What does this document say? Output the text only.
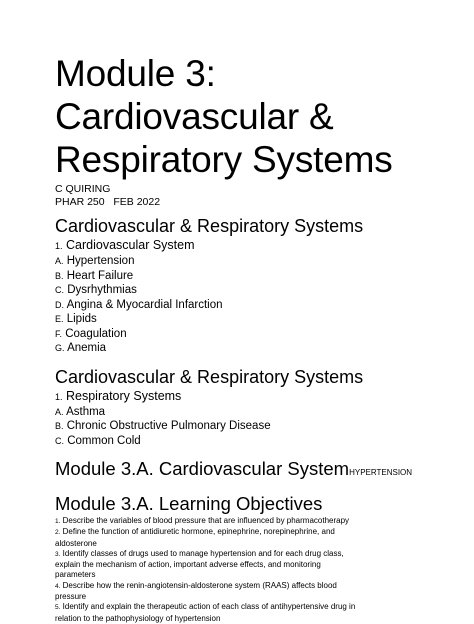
Module 3:
Cardiovascular &
Respiratory Systems
C QUIRING
PHAR 250   FEB 2022
Cardiovascular & Respiratory Systems
1. Cardiovascular System
A. Hypertension
B. Heart Failure
C. Dysrhythmias
D. Angina & Myocardial Infarction
E. Lipids
F. Coagulation
G. Anemia
Cardiovascular & Respiratory Systems
1. Respiratory Systems
A. Asthma
B. Chronic Obstructive Pulmonary Disease
C. Common Cold
Module 3.A. Cardiovascular SystemHYPERTENSION
Module 3.A. Learning Objectives
1. Describe the variables of blood pressure that are influenced by pharmacotherapy
2. Define the function of antidiuretic hormone, epinephrine, norepinephrine, and
aldosterone
3. Identify classes of drugs used to manage hypertension and for each drug class,
explain the mechanism of action, important adverse effects, and monitoring
parameters
4. Describe how the renin-angiotensin-aldosterone system (RAAS) affects blood
pressure
5. Identify and explain the therapeutic action of each class of antihypertensive drug in
relation to the pathophysiology of hypertension
